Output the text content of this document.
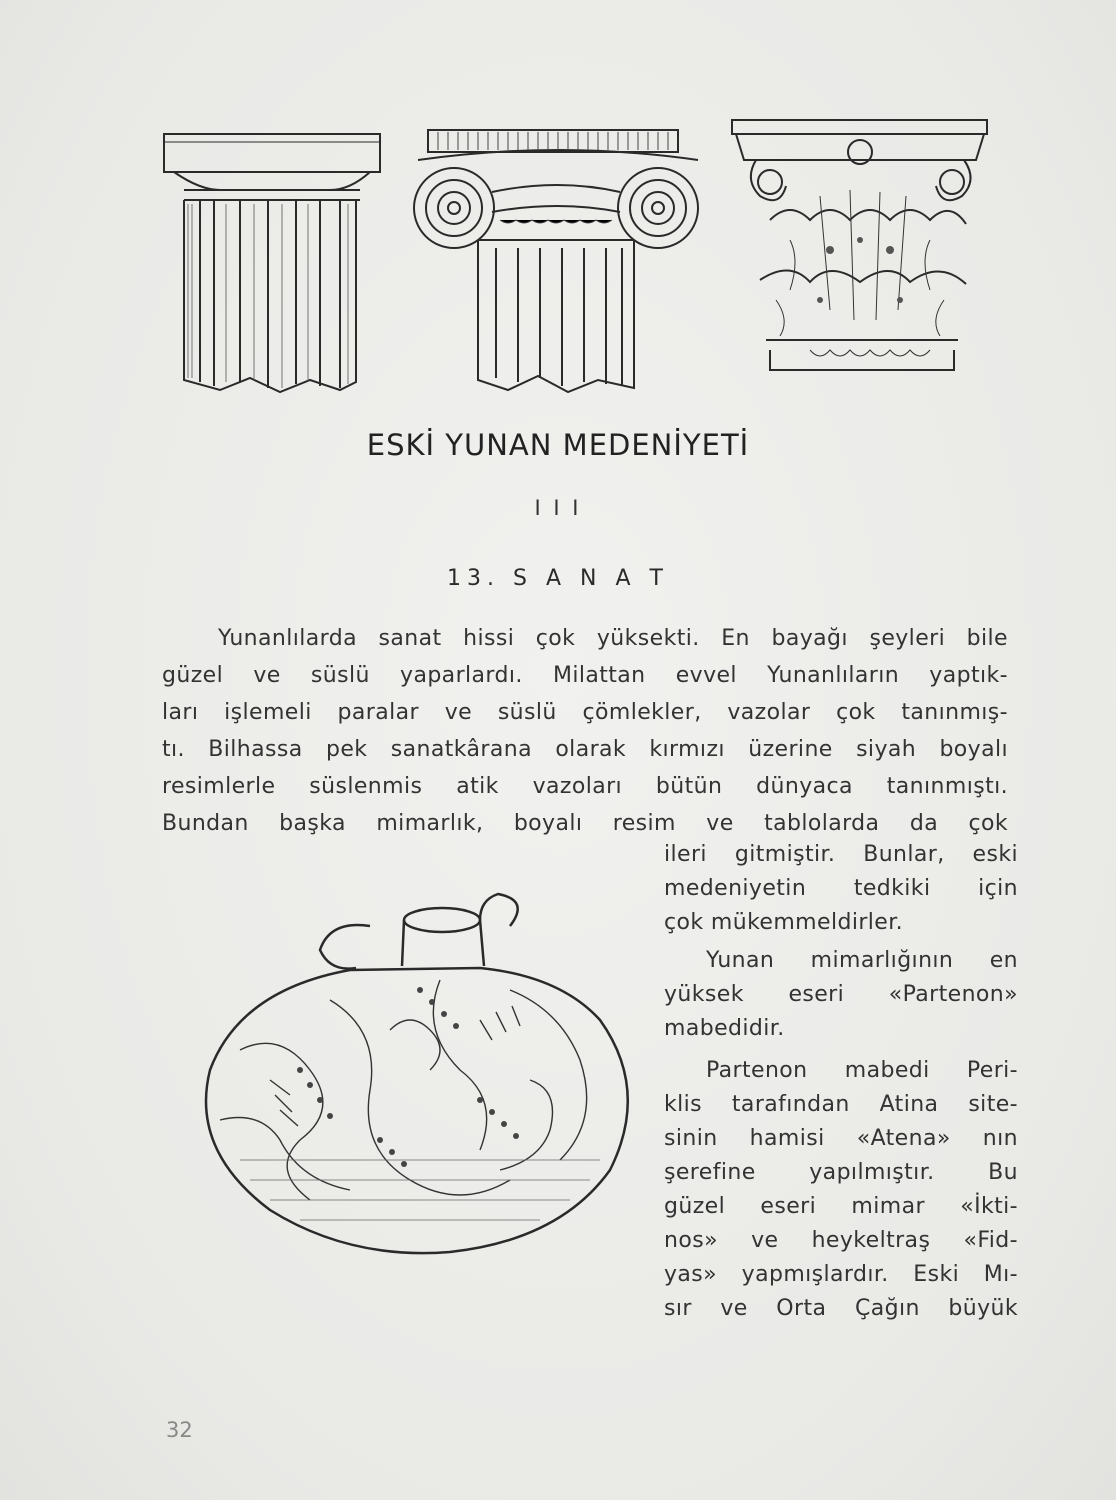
ESKİ YUNAN MEDENİYETİ
I I I
13. S A N A T
Yunanlılarda sanat hissi çok yüksekti. En bayağı şeyleri bile
güzel ve süslü yaparlardı. Milattan evvel Yunanlıların yaptık-
ları işlemeli paralar ve süslü çömlekler, vazolar çok tanınmış-
tı. Bilhassa pek sanatkârana olarak kırmızı üzerine siyah boyalı
resimlerle süslenmis atik vazoları bütün dünyaca tanınmıştı.
Bundan başka mimarlık, boyalı resim ve tablolarda da çok
ileri gitmiştir. Bunlar, eski
medeniyetin tedkiki için
çok mükemmeldirler.
Yunan mimarlığının en
yüksek eseri «Partenon»
mabedidir.
Partenon mabedi Peri-
klis tarafından Atina site-
sinin hamisi «Atena» nın
şerefine yapılmıştır. Bu
güzel eseri mimar «İkti-
nos» ve heykeltraş «Fid-
yas» yapmışlardır. Eski Mı-
sır ve Orta Çağın büyük
32
